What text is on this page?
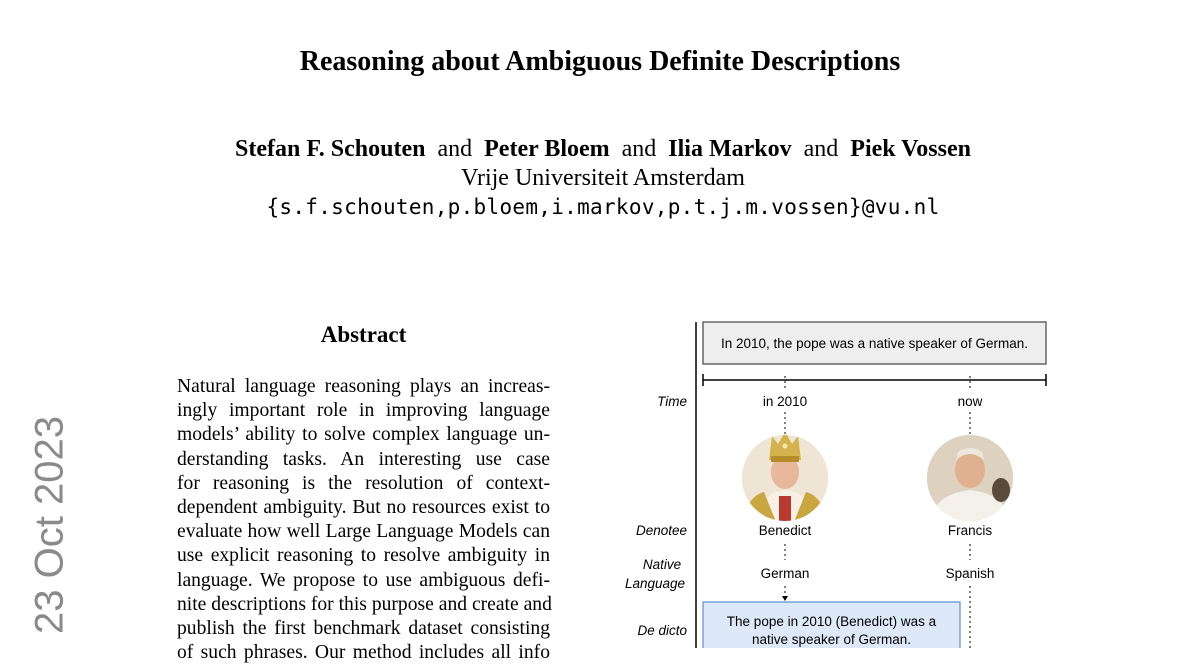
23 Oct 2023
Reasoning about Ambiguous Definite Descriptions
Stefan F. Schouten and Peter Bloem and Ilia Markov and Piek Vossen
Vrije Universiteit Amsterdam
{s.f.schouten,p.bloem,i.markov,p.t.j.m.vossen}@vu.nl
Abstract
Natural language reasoning plays an increas-
ingly important role in improving language
models’ ability to solve complex language un-
derstanding tasks. An interesting use case
for reasoning is the resolution of context-
dependent ambiguity. But no resources exist to
evaluate how well Large Language Models can
use explicit reasoning to resolve ambiguity in
language. We propose to use ambiguous defi-
nite descriptions for this purpose and create and
publish the first benchmark dataset consisting
of such phrases. Our method includes all info
In 2010, the pope was a native speaker of German.
Time
Denotee
Native
Language
De dicto
in 2010
Benedict
German
now
Francis
Spanish
The pope in 2010 (Benedict) was a
native speaker of German.
